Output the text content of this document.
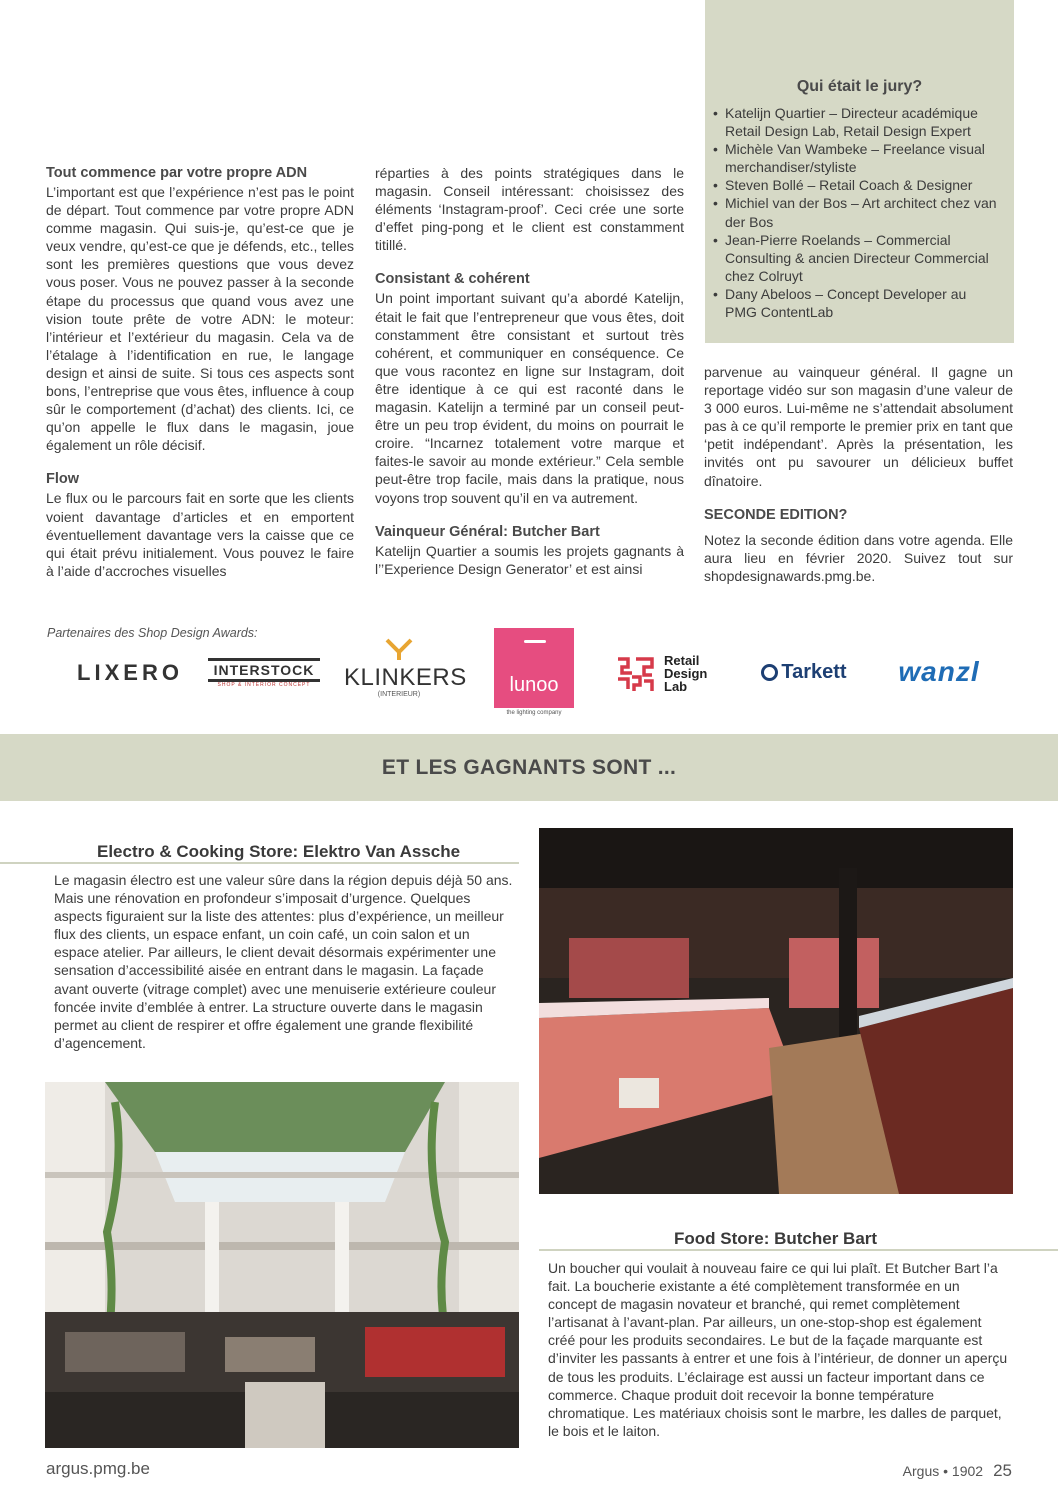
Tout commence par votre propre ADN

L’important est que l’expérience n’est pas le point de départ. Tout commence par votre propre ADN comme magasin. Qui suis-je, qu’est-ce que je veux vendre, qu’est-ce que je défends, etc., telles sont les premières questions que vous devez vous poser. Vous ne pouvez passer à la seconde étape du processus que quand vous avez une vision toute prête de votre ADN: le moteur: l’intérieur et l’extérieur du magasin. Cela va de l’étalage à l’identification en rue, le langage design et ainsi de suite. Si tous ces aspects sont bons, l’entreprise que vous êtes, influence à coup sûr le comportement (d’achat) des clients. Ici, ce qu’on appelle le flux dans le magasin, joue également un rôle décisif.

Flow

Le flux ou le parcours fait en sorte que les clients voient davantage d’articles et en emportent éventuellement davantage vers la caisse que ce qui était prévu initialement. Vous pouvez le faire à l’aide d’accroches visuelles

réparties à des points stratégiques dans le magasin. Conseil intéressant: choisissez des éléments ‘Instagram-proof’. Ceci crée une sorte d’effet ping-pong et le client est constamment titillé.

Consistant & cohérent

Un point important suivant qu’a abordé Katelijn, était le fait que l’entrepreneur que vous êtes, doit constamment être consistant et surtout très cohérent, et communiquer en conséquence. Ce que vous racontez en ligne sur Instagram, doit être identique à ce qui est raconté dans le magasin. Katelijn a terminé par un conseil peut-être un peu trop évident, du moins on pourrait le croire. “Incarnez totalement votre marque et faites-le savoir au monde extérieur.” Cela semble peut-être trop facile, mais dans la pratique, nous voyons trop souvent qu’il en va autrement.

Vainqueur Général: Butcher Bart

Katelijn Quartier a soumis les projets gagnants à l’’Experience Design Generator’ et est ainsi

Qui était le jury?
• Katelijn Quartier – Directeur académique Retail Design Lab, Retail Design Expert
• Michèle Van Wambeke – Freelance visual merchandiser/styliste
• Steven Bollé – Retail Coach & Designer
• Michiel van der Bos – Art architect chez van der Bos
• Jean-Pierre Roelands – Commercial Consulting & ancien Directeur Commercial chez Colruyt
• Dany Abeloos – Concept Developer au PMG ContentLab

parvenue au vainqueur général. Il gagne un reportage vidéo sur son magasin d’une valeur de 3 000 euros. Lui-même ne s’attendait absolument pas à ce qu’il remporte le premier prix en tant que ‘petit indépendant’. Après la présentation, les invités ont pu savourer un délicieux buffet dînatoire.

SECONDE EDITION?

Notez la seconde édition dans votre agenda. Elle aura lieu en février 2020. Suivez tout sur shopdesignawards.pmg.be.

Partenaires des Shop Design Awards:
LIXERO	INTERSTOCK
SHOP & INTERIOR CONCEPT	KLINKERS
(INTERIEUR)	lunoo
the lighting company
Retail
Design
Lab
Tarkett wanzl
ET LES GAGNANTS SONT ...
Electro & Cooking Store: Elektro Van Assche
Le magasin électro est une valeur sûre dans la région depuis déjà 50 ans. Mais une rénovation en profondeur s’imposait d’urgence. Quelques aspects figuraient sur la liste des attentes: plus d’expérience, un meilleur flux des clients, un espace enfant, un coin café, un coin salon et un espace atelier. Par ailleurs, le client devait désormais expérimenter une sensation d’accessibilité aisée en entrant dans le magasin. La façade avant ouverte (vitrage complet) avec une menuiserie extérieure couleur foncée invite d’emblée à entrer. La structure ouverte dans le magasin permet au client de respirer et offre également une grande flexibilité d’agencement.
Food Store: Butcher Bart
Un boucher qui voulait à nouveau faire ce qui lui plaît. Et Butcher Bart l’a fait. La boucherie existante a été complètement transformée en un concept de magasin novateur et branché, qui remet complètement l’artisanat à l’avant-plan. Par ailleurs, un one-stop-shop est également créé pour les produits secondaires. Le but de la façade marquante est d’inviter les passants à entrer et une fois à l’intérieur, de donner un aperçu de tous les produits. L’éclairage est aussi un facteur important dans ce commerce. Chaque produit doit recevoir la bonne température chromatique. Les matériaux choisis sont le marbre, les dalles de parquet, le bois et le laiton.
argus.pmg.be	Argus • 1902 25
